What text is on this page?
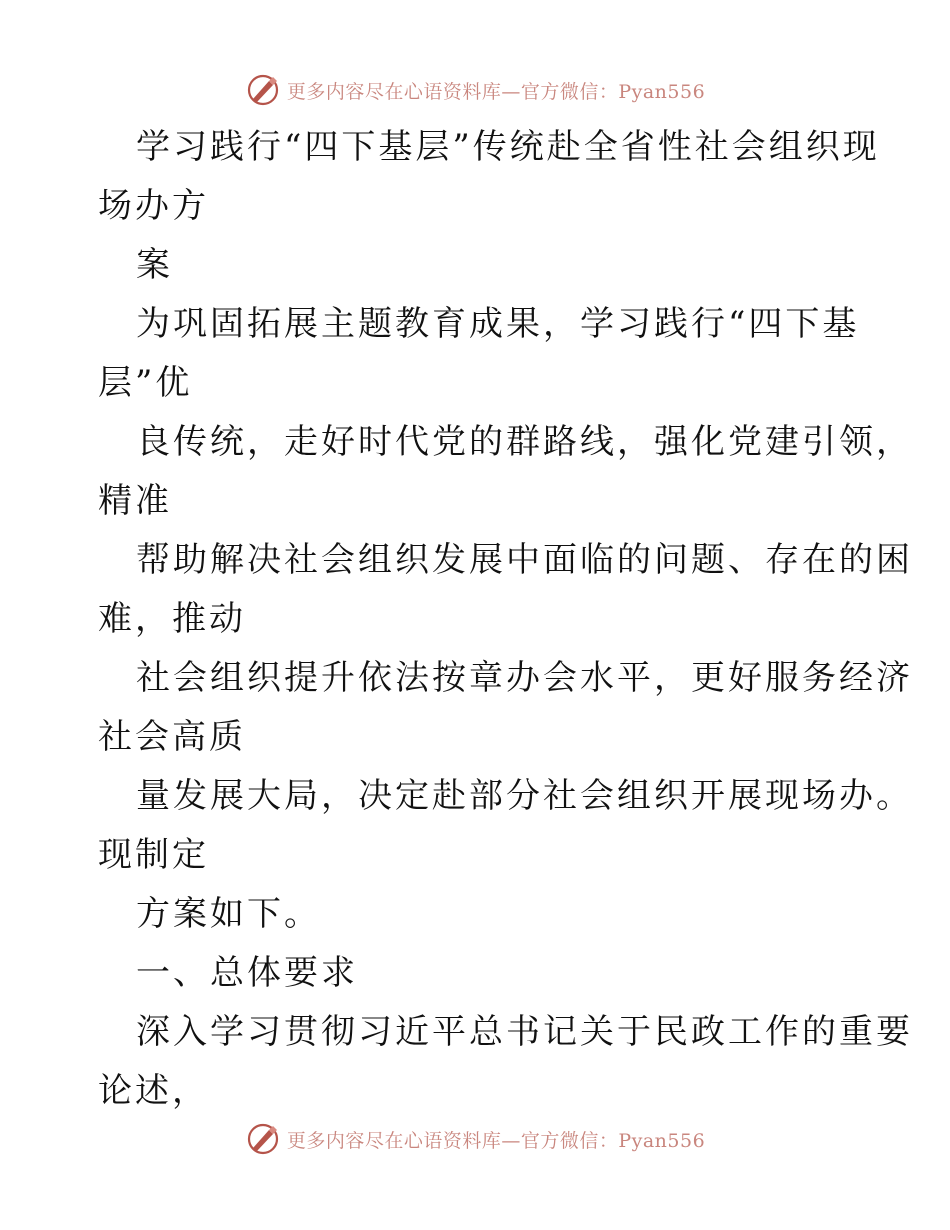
更多内容尽在心语资料库—官方微信：Pyan556
学习践行“四下基层”传统赴全省性社会组织现
场办方
案
为巩固拓展主题教育成果，学习践行“四下基
层”优
良传统，走好时代党的群路线，强化党建引领，
精准
帮助解决社会组织发展中面临的问题、存在的困
难，推动
社会组织提升依法按章办会水平，更好服务经济
社会高质
量发展大局，决定赴部分社会组织开展现场办。
现制定
方案如下。
一、总体要求
深入学习贯彻习近平总书记关于民政工作的重要
论述，
更多内容尽在心语资料库—官方微信：Pyan556
